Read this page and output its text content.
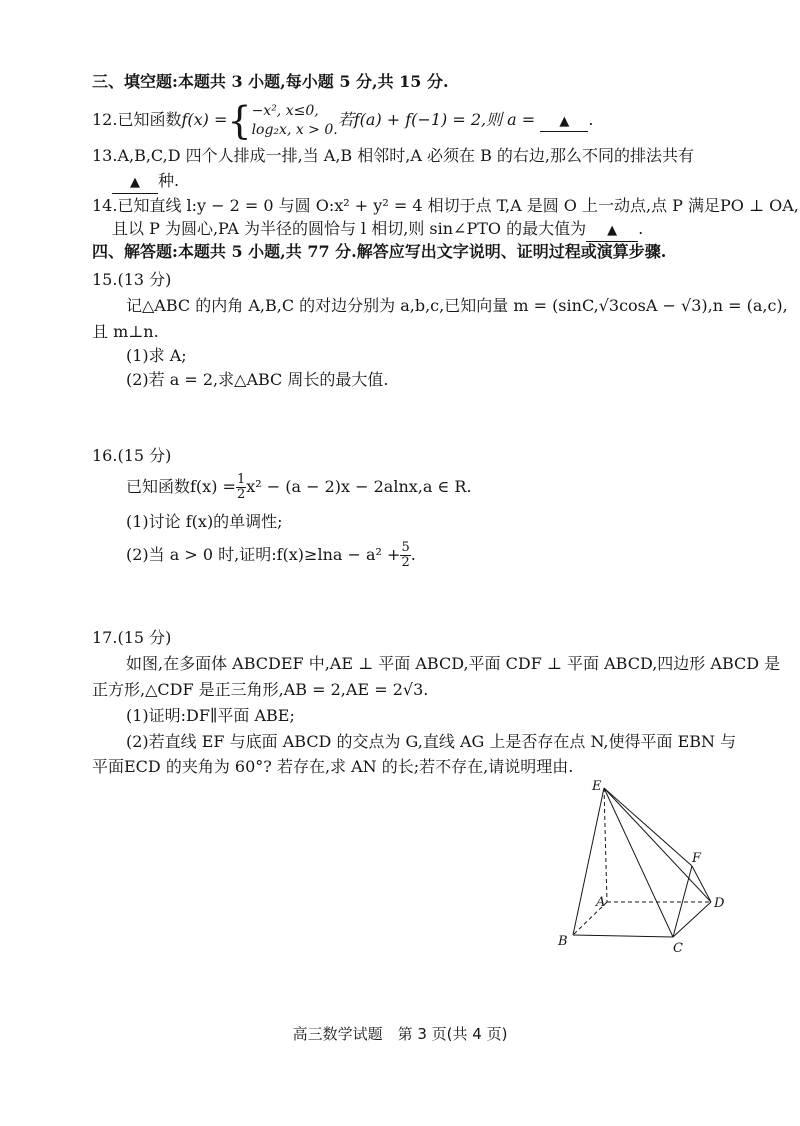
三、填空题:本题共 3 小题,每小题 5 分,共 15 分.
12.已知函数f(x) ={ −x², x≤0,
log₂x, x > 0.
若f(a) + f(−1) = 2,则 a = ▲ .
13.A,B,C,D 四个人排成一排,当 A,B 相邻时,A 必须在 B 的右边,那么不同的排法共有
▲ 种.
14.已知直线 l:y − 2 = 0 与圆 O:x² + y² = 4 相切于点 T,A 是圆 O 上一动点,点 P 满足PO ⊥ OA,
且以 P 为圆心,PA 为半径的圆恰与 l 相切,则 sin∠PTO 的最大值为 ▲ .
四、解答题:本题共 5 小题,共 77 分.解答应写出文字说明、证明过程或演算步骤.
15.(13 分)
记△ABC 的内角 A,B,C 的对边分别为 a,b,c,已知向量 m = (sinC,√3cosA − √3),n = (a,c),
且 m⊥n.
(1)求 A;
(2)若 a = 2,求△ABC 周长的最大值.
16.(15 分)
已知函数$f(x) = \frac{1}{2} x^2 - (a - 2)x - 2alnx,a$ ∈ R.
(1)讨论 f(x)的单调性;
(2)当 a > 0 时,证明:f(x)≥lna − $a^2 + \frac{5}{2}$ .
17.(15 分)
如图,在多面体 ABCDEF 中,AE ⊥ 平面 ABCD,平面 CDF ⊥ 平面 ABCD,四边形 ABCD 是
正方形,△CDF 是正三角形,AB = 2,AE = 2√3.
(1)证明:DF∥平面 ABE;
(2)若直线 EF 与底面 ABCD 的交点为 G,直线 AG 上是否存在点 N,使得平面 EBN 与
平面ECD 的夹角为 60°? 若存在,求 AN 的长;若不存在,请说明理由.
E
F
A	D
B	C
高三数学试题　第 3 页(共 4 页)
